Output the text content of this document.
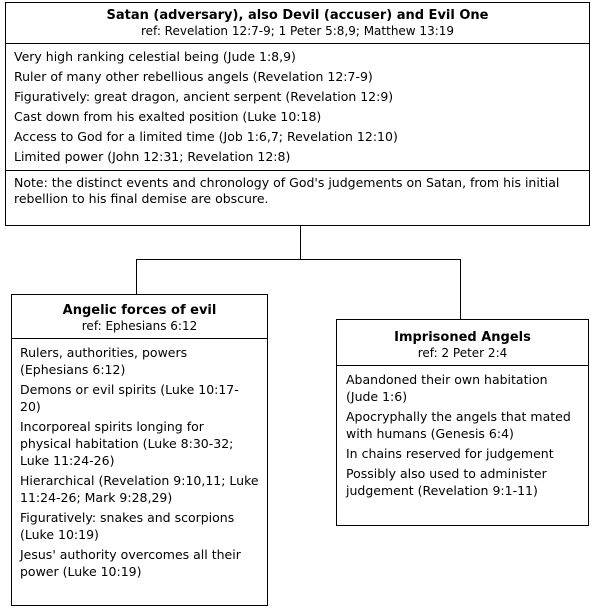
Satan (adversary), also Devil (accuser) and Evil One
ref: Revelation 12:7-9; 1 Peter 5:8,9; Matthew 13:19
Very high ranking celestial being (Jude 1:8,9)
Ruler of many other rebellious angels (Revelation 12:7-9)
Figuratively: great dragon, ancient serpent (Revelation 12:9)
Cast down from his exalted position (Luke 10:18)
Access to God for a limited time (Job 1:6,7; Revelation 12:10)
Limited power (John 12:31; Revelation 12:8)
Note: the distinct events and chronology of God's judgements on Satan, from his initial rebellion to his final demise are obscure.
Angelic forces of evil
ref: Ephesians 6:12
Rulers, authorities, powers (Ephesians 6:12)
Demons or evil spirits (Luke 10:17-20)
Incorporeal spirits longing for physical habitation (Luke 8:30-32; Luke 11:24-26)
Hierarchical (Revelation 9:10,11; Luke 11:24-26; Mark 9:28,29)
Figuratively: snakes and scorpions (Luke 10:19)
Jesus' authority overcomes all their power (Luke 10:19)
Imprisoned Angels
ref: 2 Peter 2:4
Abandoned their own habitation (Jude 1:6)
Apocryphally the angels that mated with humans (Genesis 6:4)
In chains reserved for judgement
Possibly also used to administer judgement (Revelation 9:1-11)
